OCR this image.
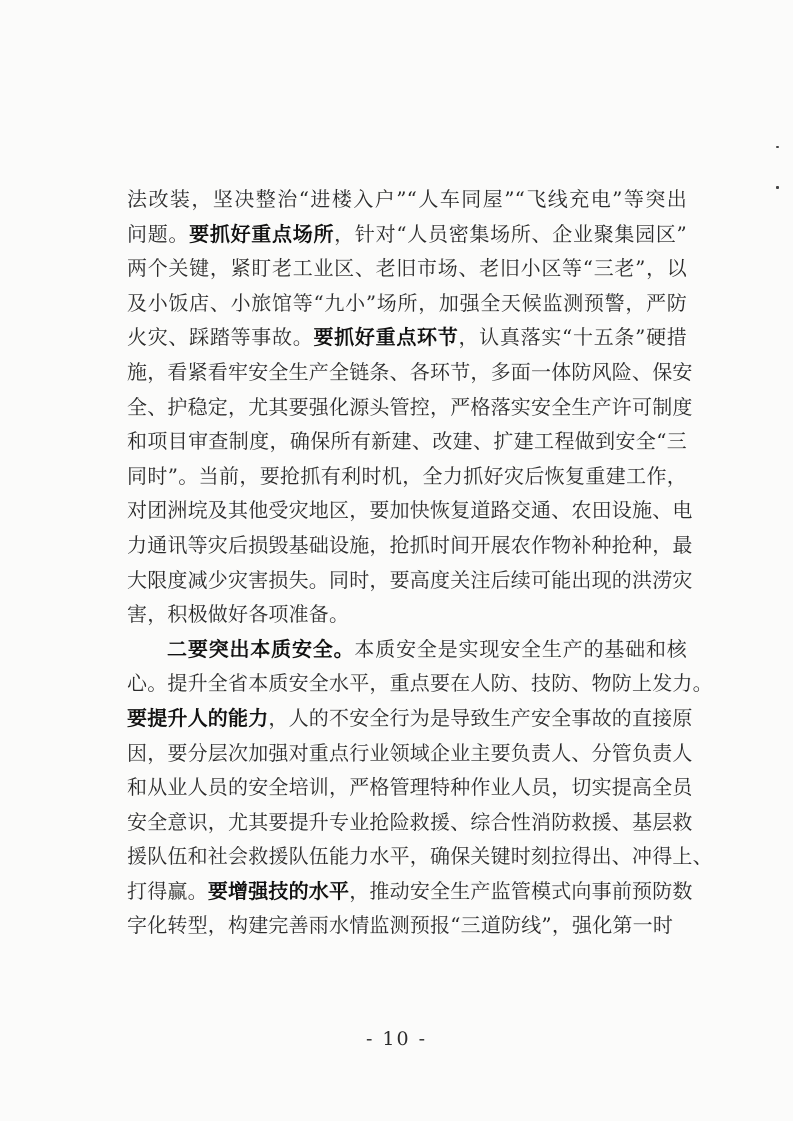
法改装，坚决整治“进楼入户”“人车同屋”“飞线充电”等突出
问题。要抓好重点场所，针对“人员密集场所、企业聚集园区”
两个关键，紧盯老工业区、老旧市场、老旧小区等“三老”，以
及小饭店、小旅馆等“九小”场所，加强全天候监测预警，严防
火灾、踩踏等事故。要抓好重点环节，认真落实“十五条”硬措
施，看紧看牢安全生产全链条、各环节，多面一体防风险、保安
全、护稳定，尤其要强化源头管控，严格落实安全生产许可制度
和项目审查制度，确保所有新建、改建、扩建工程做到安全“三
同时”。当前，要抢抓有利时机，全力抓好灾后恢复重建工作，
对团洲垸及其他受灾地区，要加快恢复道路交通、农田设施、电
力通讯等灾后损毁基础设施，抢抓时间开展农作物补种抢种，最
大限度减少灾害损失。同时，要高度关注后续可能出现的洪涝灾
害，积极做好各项准备。
二要突出本质安全。本质安全是实现安全生产的基础和核
心。提升全省本质安全水平，重点要在人防、技防、物防上发力。
要提升人的能力，人的不安全行为是导致生产安全事故的直接原
因，要分层次加强对重点行业领域企业主要负责人、分管负责人
和从业人员的安全培训，严格管理特种作业人员，切实提高全员
安全意识，尤其要提升专业抢险救援、综合性消防救援、基层救
援队伍和社会救援队伍能力水平，确保关键时刻拉得出、冲得上、
打得赢。要增强技的水平，推动安全生产监管模式向事前预防数
字化转型，构建完善雨水情监测预报“三道防线”，强化第一时
- 10 -
